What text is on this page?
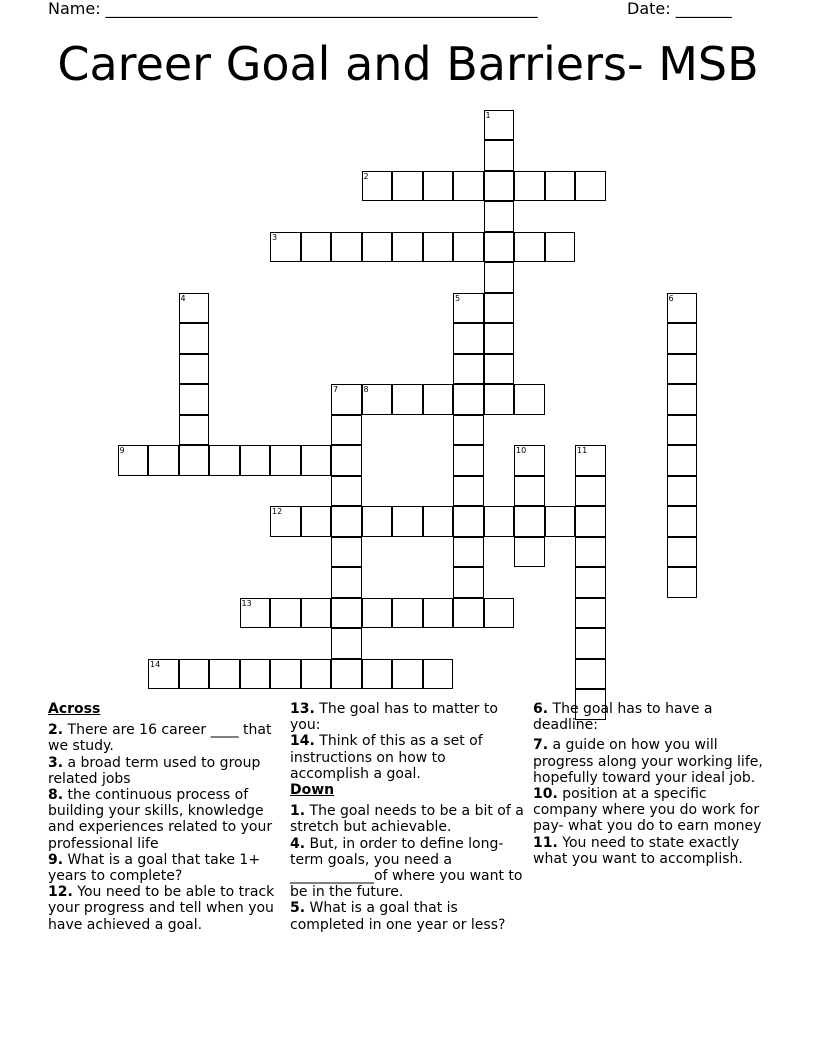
Name: ______________________________________________________	Date: _______
Career Goal and Barriers- MSB
1
2
3
4	5	6
7	8
9	10	11
12
13
14
Across
2. There are 16 career ____ that we study.
3. a broad term used to group related jobs
8. the continuous process of building your skills, knowledge and experiences related to your professional life
9. What is a goal that take 1+ years to complete?
12. You need to be able to track your progress and tell when you have achieved a goal.
13. The goal has to matter to you:
14. Think of this as a set of instructions on how to accomplish a goal.
Down
1. The goal needs to be a bit of a stretch but achievable.
4. But, in order to define long-term goals, you need a ____________of where you want to be in the future.
5. What is a goal that is completed in one year or less?
6. The goal has to have a deadline:
7. a guide on how you will progress along your working life, hopefully toward your ideal job.
10. position at a specific company where you do work for pay- what you do to earn money
11. You need to state exactly what you want to accomplish.
